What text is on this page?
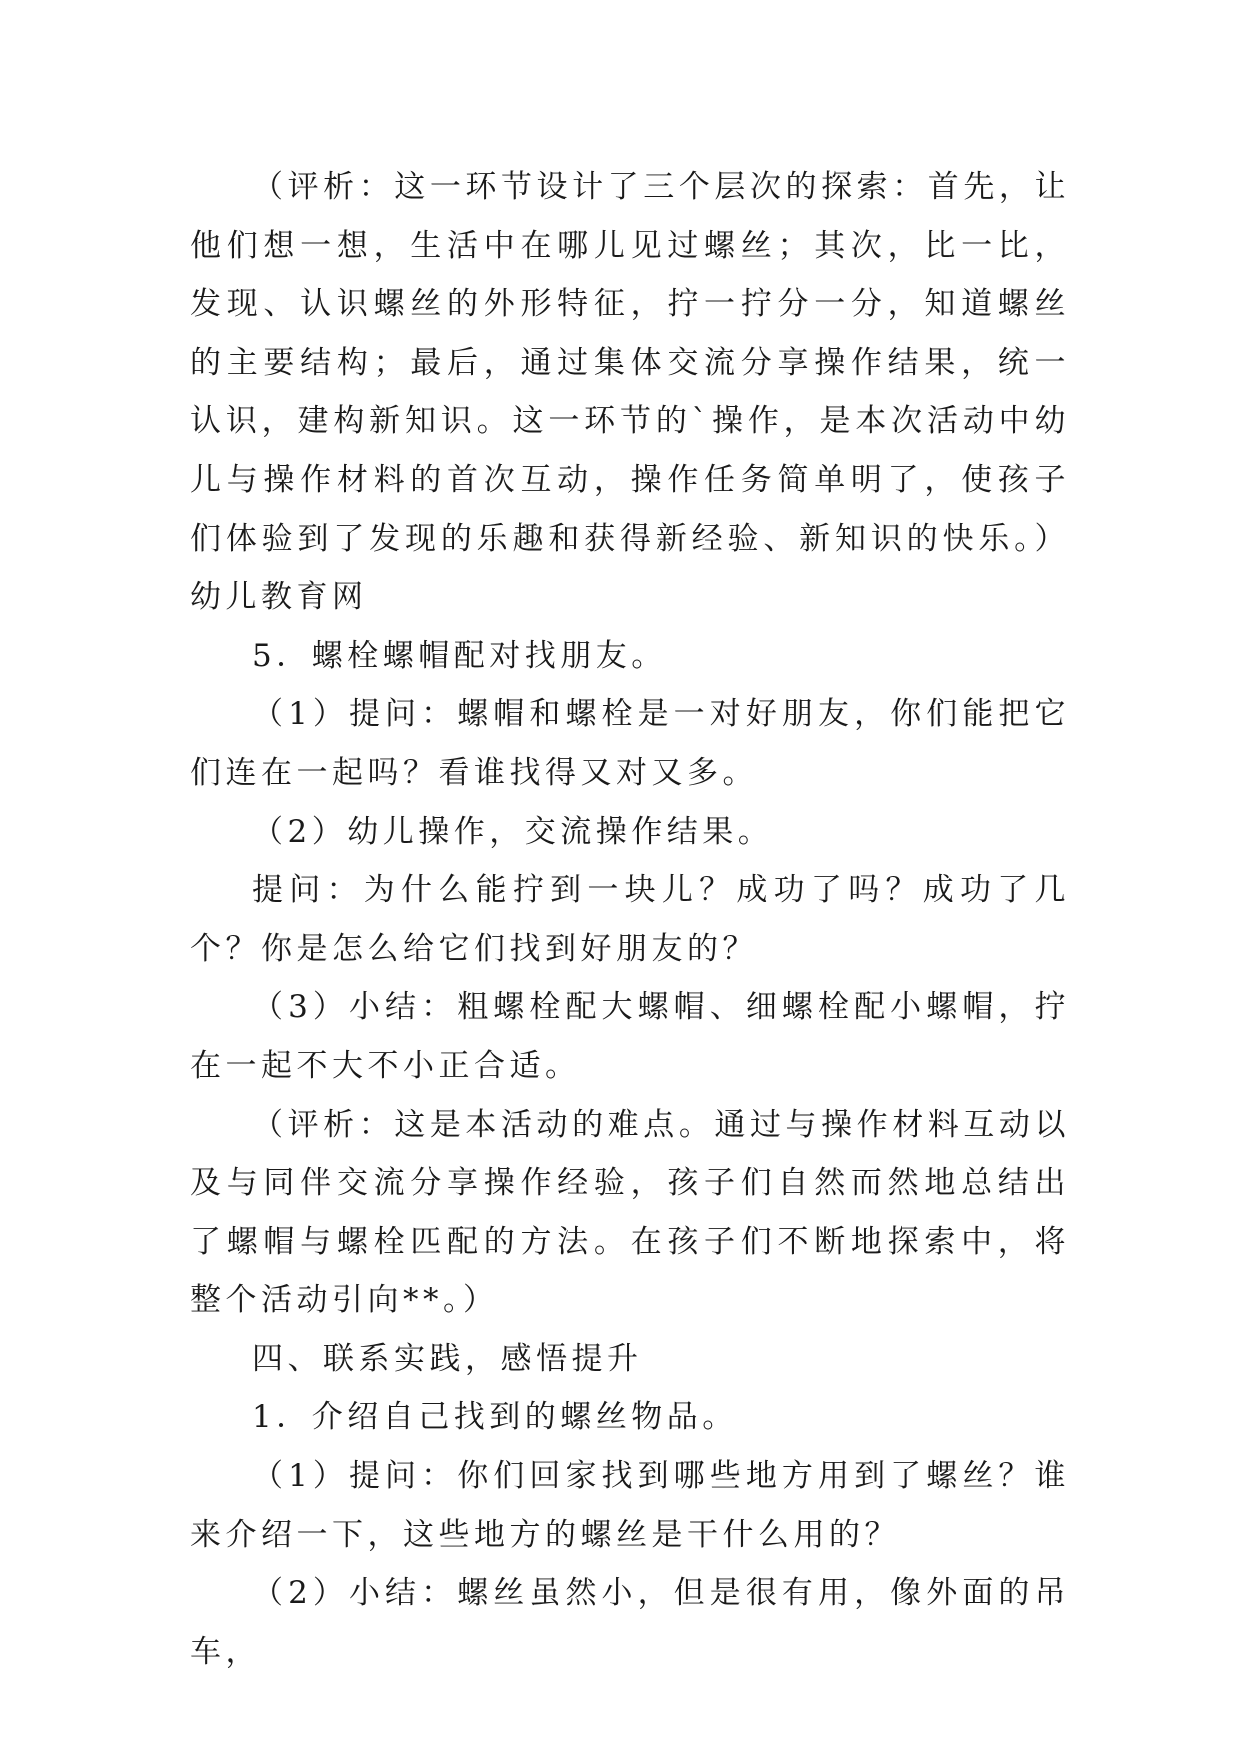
（评析：这一环节设计了三个层次的探索：首先，让他们想一想，生活中在哪儿见过螺丝；其次，比一比，发现、认识螺丝的外形特征，拧一拧分一分，知道螺丝的主要结构；最后，通过集体交流分享操作结果，统一认识，建构新知识。这一环节的`操作，是本次活动中幼儿与操作材料的首次互动，操作任务简单明了，使孩子们体验到了发现的乐趣和获得新经验、新知识的快乐。）幼儿教育网

5．螺栓螺帽配对找朋友。

（1）提问：螺帽和螺栓是一对好朋友，你们能把它们连在一起吗？看谁找得又对又多。

（2）幼儿操作，交流操作结果。

提问：为什么能拧到一块儿？成功了吗？成功了几个？你是怎么给它们找到好朋友的？

（3）小结：粗螺栓配大螺帽、细螺栓配小螺帽，拧在一起不大不小正合适。

（评析：这是本活动的难点。通过与操作材料互动以及与同伴交流分享操作经验，孩子们自然而然地总结出了螺帽与螺栓匹配的方法。在孩子们不断地探索中，将整个活动引向**。）

四、联系实践，感悟提升

1．介绍自己找到的螺丝物品。

（1）提问：你们回家找到哪些地方用到了螺丝？谁来介绍一下，这些地方的螺丝是干什么用的？

（2）小结：螺丝虽然小，但是很有用，像外面的吊车，
